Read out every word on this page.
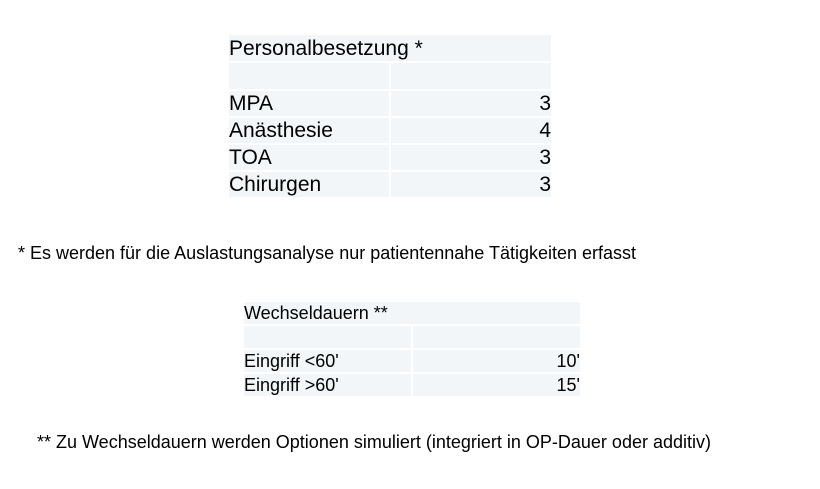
Personalbesetzung *	

MPA	3
Anästhesie	4
TOA	3
Chirurgen	3
* Es werden für die Auslastungsanalyse nur patientennahe Tätigkeiten erfasst
Wechseldauern **	

Eingriff <60'	10'
Eingriff >60'	15'
** Zu Wechseldauern werden Optionen simuliert (integriert in OP-Dauer oder additiv)
